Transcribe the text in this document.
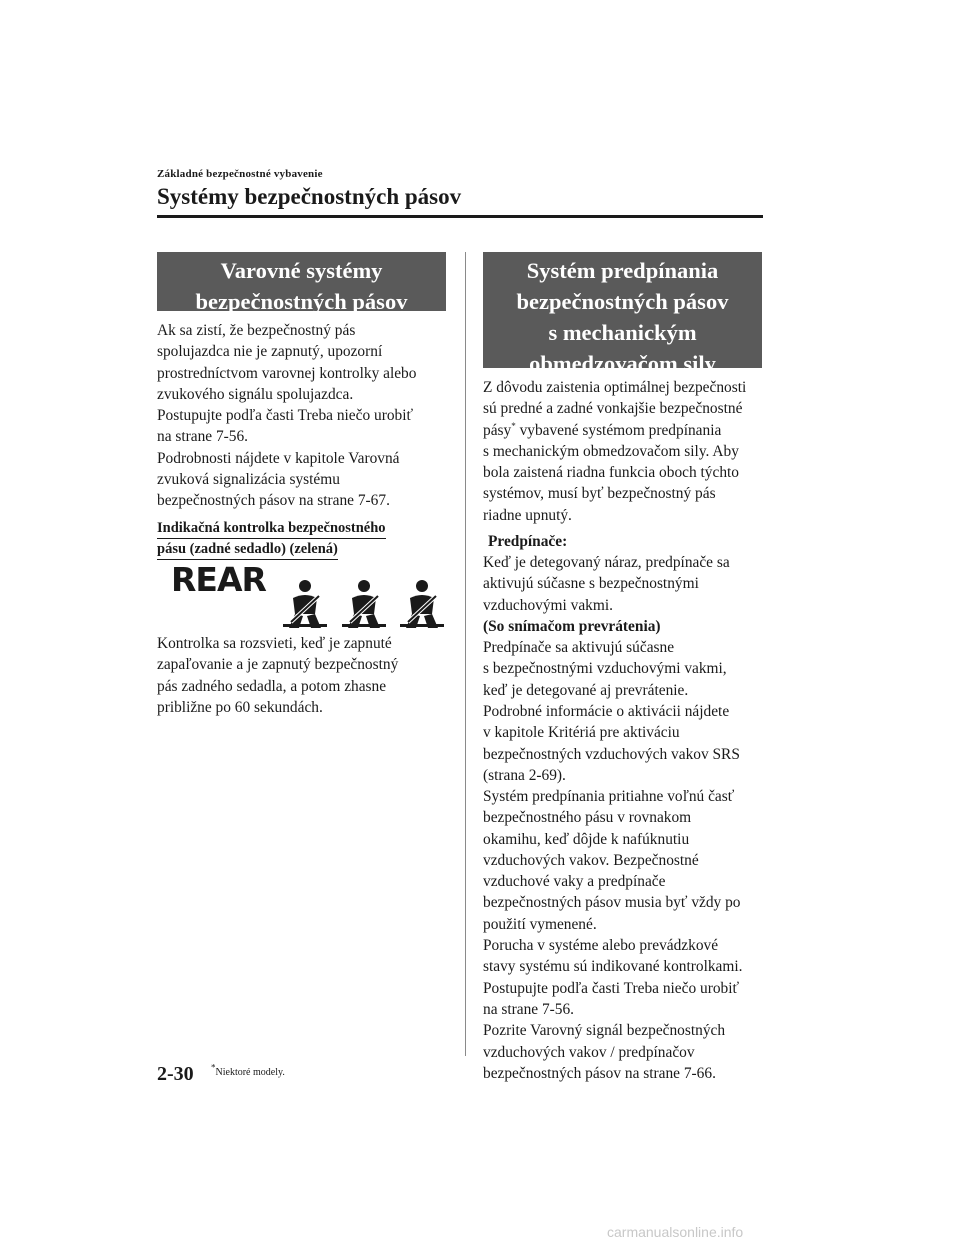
Základné bezpečnostné vybavenie
Systémy bezpečnostných pásov
Varovné systémy
bezpečnostných pásov
Ak sa zistí, že bezpečnostný pás
spolujazdca nie je zapnutý, upozorní
prostredníctvom varovnej kontrolky alebo
zvukového signálu spolujazdca.
Postupujte podľa časti Treba niečo urobiť
na strane 7-56.
Podrobnosti nájdete v kapitole Varovná
zvuková signalizácia systému
bezpečnostných pásov na strane 7-67.
Indikačná kontrolka bezpečnostného
pásu (zadné sedadlo) (zelená)
REAR
Kontrolka sa rozsvieti, keď je zapnuté
zapaľovanie a je zapnutý bezpečnostný
pás zadného sedadla, a potom zhasne
približne po 60 sekundách.
Systém predpínania
bezpečnostných pásov
s mechanickým
obmedzovačom sily
Z dôvodu zaistenia optimálnej bezpečnosti
sú predné a zadné vonkajšie bezpečnostné
pásy* vybavené systémom predpínania
s mechanickým obmedzovačom sily. Aby
bola zaistená riadna funkcia oboch týchto
systémov, musí byť bezpečnostný pás
riadne upnutý.
Predpínače:
Keď je detegovaný náraz, predpínače sa
aktivujú súčasne s bezpečnostnými
vzduchovými vakmi.
(So snímačom prevrátenia)
Predpínače sa aktivujú súčasne
s bezpečnostnými vzduchovými vakmi,
keď je detegované aj prevrátenie.
Podrobné informácie o aktivácii nájdete
v kapitole Kritériá pre aktiváciu
bezpečnostných vzduchových vakov SRS
(strana 2-69).
Systém predpínania pritiahne voľnú časť
bezpečnostného pásu v rovnakom
okamihu, keď dôjde k nafúknutiu
vzduchových vakov. Bezpečnostné
vzduchové vaky a predpínače
bezpečnostných pásov musia byť vždy po
použití vymenené.
Porucha v systéme alebo prevádzkové
stavy systému sú indikované kontrolkami.
Postupujte podľa časti Treba niečo urobiť
na strane 7-56.
Pozrite Varovný signál bezpečnostných
vzduchových vakov / predpínačov
bezpečnostných pásov na strane 7-66.
2-30 *Niektoré modely.
carmanualsonline.info
